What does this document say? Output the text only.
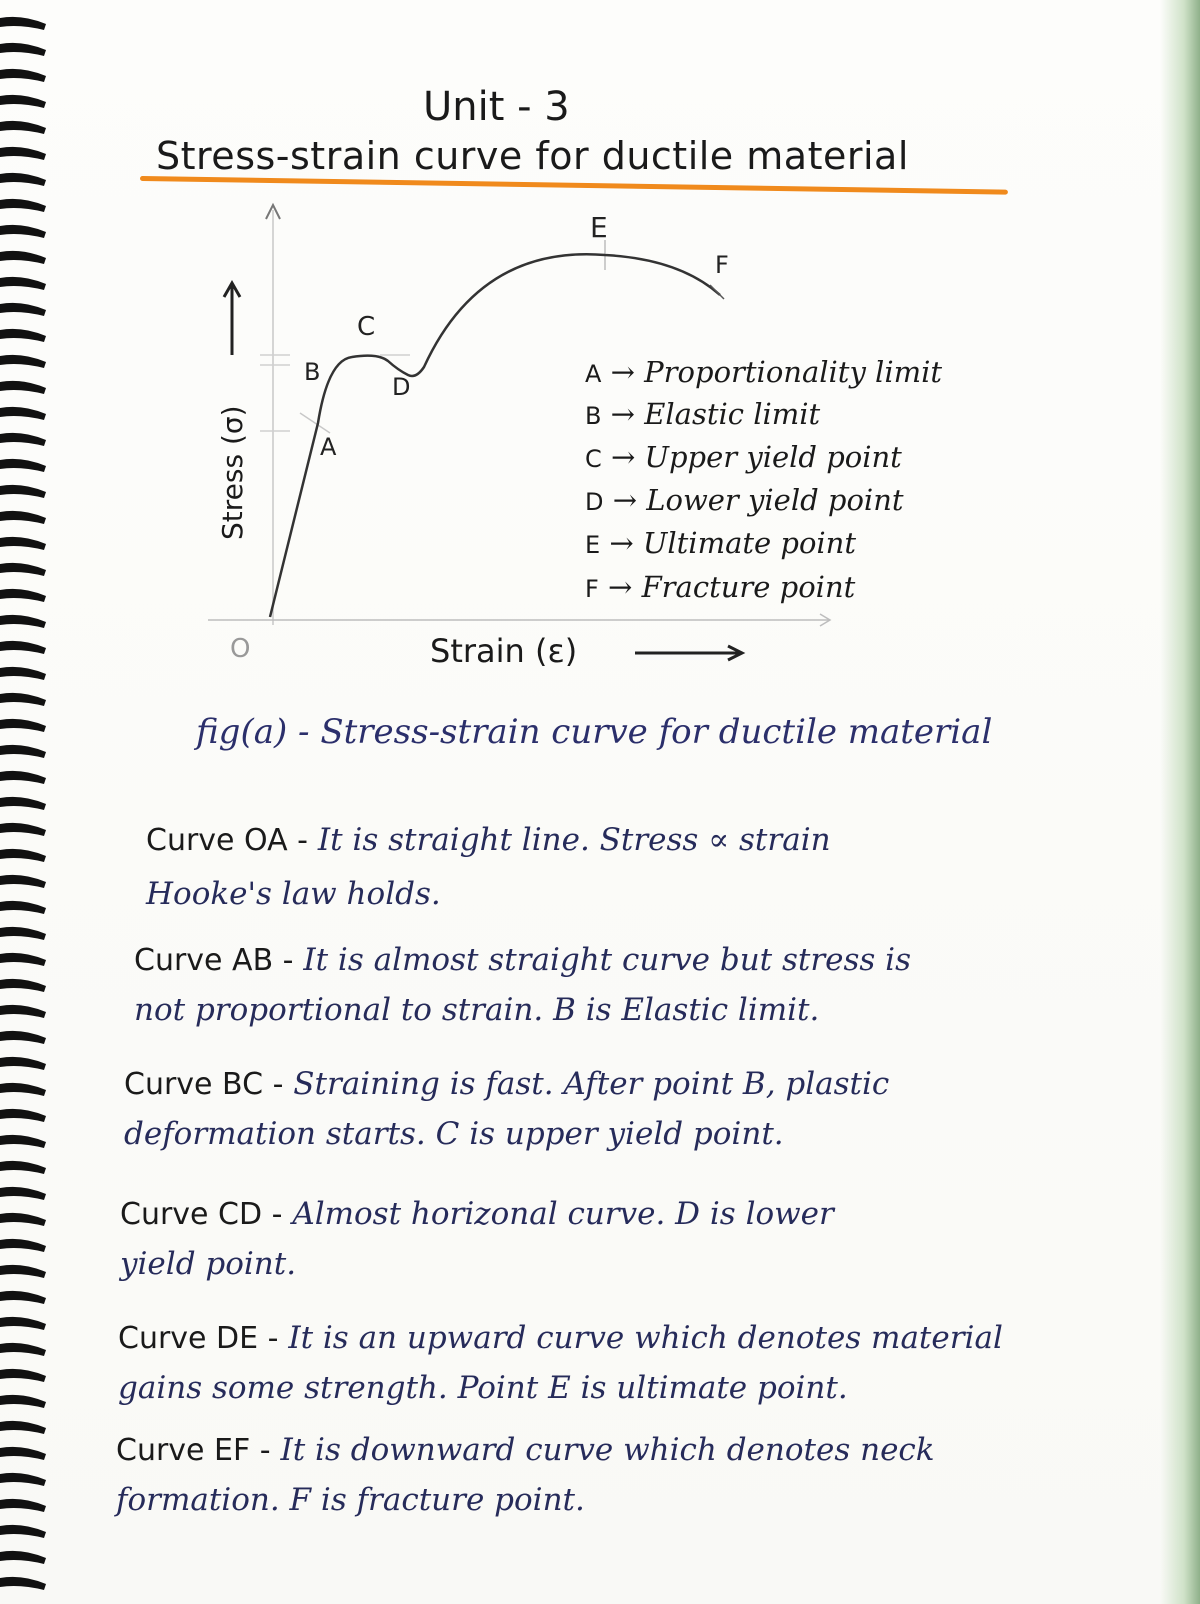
Unit - 3
Stress-strain curve for ductile material
Stress (σ)
O
A
B
C
D
E
F
Strain (ε)
A → Proportionality limit
B → Elastic limit
C → Upper yield point
D → Lower yield point
E → Ultimate point
F → Fracture point
fig(a) - Stress-strain curve for ductile material
Curve OA - It is straight line. Stress ∝ strain
Hooke's law holds.
Curve AB - It is almost straight curve but stress is
not proportional to strain. B is Elastic limit.
Curve BC - Straining is fast. After point B, plastic
deformation starts. C is upper yield point.
Curve CD - Almost horizonal curve. D is lower
yield point.
Curve DE - It is an upward curve which denotes material
gains some strength. Point E is ultimate point.
Curve EF - It is downward curve which denotes neck
formation. F is fracture point.
